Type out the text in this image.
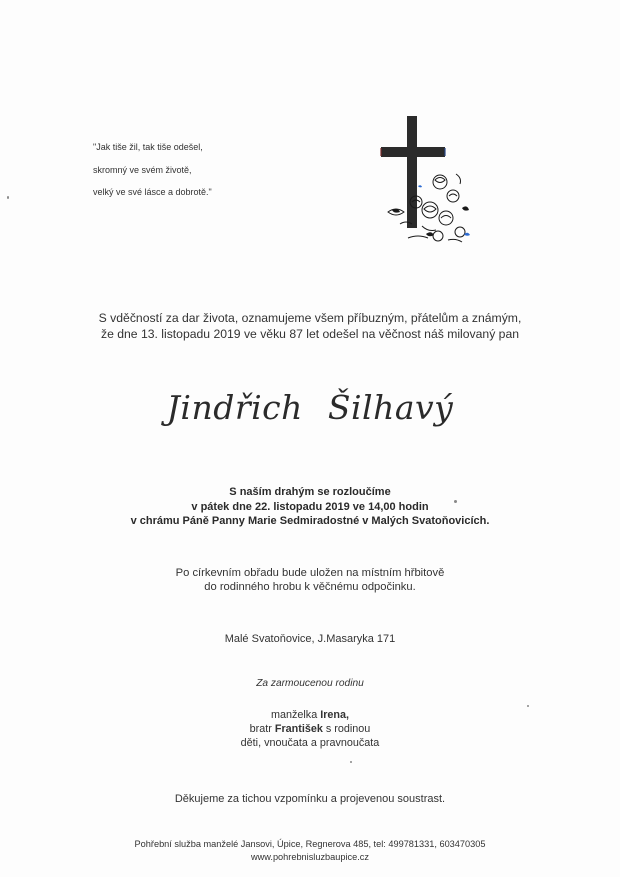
"Jak tiše žil, tak tiše odešel,
skromný ve svém životě,
velký ve své lásce a dobrotě."
S vděčností za dar života, oznamujeme všem příbuzným, přátelům a známým,
že dne 13. listopadu 2019 ve věku 87 let odešel na věčnost náš milovaný pan
Jindřich Šilhavý
S naším drahým se rozloučíme
v pátek dne 22. listopadu 2019 ve 14,00 hodin
v chrámu Páně Panny Marie Sedmiradostné v Malých Svatoňovicích.
Po církevním obřadu bude uložen na místním hřbitově
do rodinného hrobu k věčnému odpočinku.
Malé Svatoňovice, J.Masaryka 171
Za zarmoucenou rodinu
manželka Irena,
bratr František s rodinou
děti, vnoučata a pravnoučata
Děkujeme za tichou vzpomínku a projevenou soustrast.
Pohřební služba manželé Jansovi, Úpice, Regnerova 485, tel: 499781331, 603470305
www.pohrebnisluzbaupice.cz
